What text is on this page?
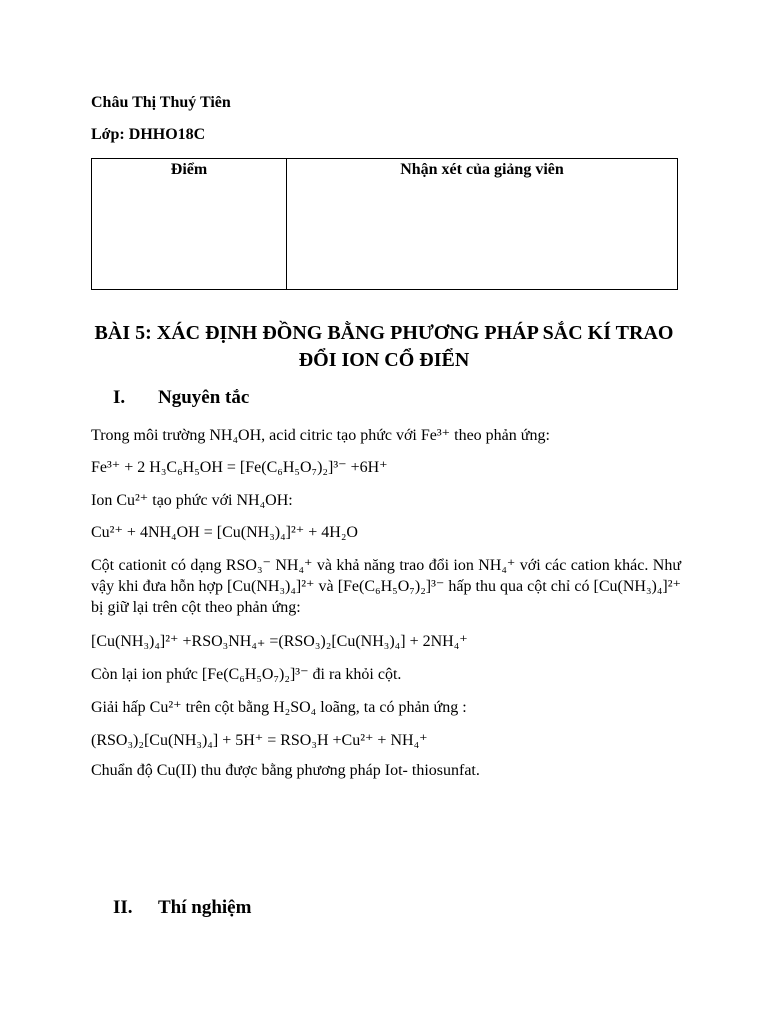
Châu Thị Thuý Tiên
Lớp: DHHO18C
Điểm	Nhận xét của giảng viên
BÀI 5: XÁC ĐỊNH ĐỒNG BẰNG PHƯƠNG PHÁP SẮC KÍ TRAO
ĐỔI ION CỔ ĐIỂN
I. Nguyên tắc
Trong môi trường NH₄OH, acid citric tạo phức với Fe³⁺ theo phản ứng:
Fe³⁺ + 2 H₃C₆H₅OH = [Fe(C₆H₅O₇)₂]³⁻ +6H⁺
Ion Cu²⁺ tạo phức với NH₄OH:
Cu²⁺ + 4NH₄OH = [Cu(NH₃)₄]²⁺ + 4H₂O
Cột cationit có dạng RSO₃⁻ NH₄⁺ và khả năng trao đổi ion NH₄⁺ với các cation khác. Như vậy khi đưa hỗn hợp [Cu(NH₃)₄]²⁺ và [Fe(C₆H₅O₇)₂]³⁻ hấp thu qua cột chỉ có [Cu(NH₃)₄]²⁺ bị giữ lại trên cột theo phản ứng:
[Cu(NH₃)₄]²⁺ +RSO₃NH₄₊ =(RSO₃)₂[Cu(NH₃)₄] + 2NH₄⁺
Còn lại ion phức [Fe(C₆H₅O₇)₂]³⁻ đi ra khỏi cột.
Giải hấp Cu²⁺ trên cột bằng H₂SO₄ loãng, ta có phản ứng :
(RSO₃)₂[Cu(NH₃)₄] + 5H⁺ = RSO₃H +Cu²⁺ + NH₄⁺
Chuẩn độ Cu(II) thu được bằng phương pháp Iot- thiosunfat.
II. Thí nghiệm
